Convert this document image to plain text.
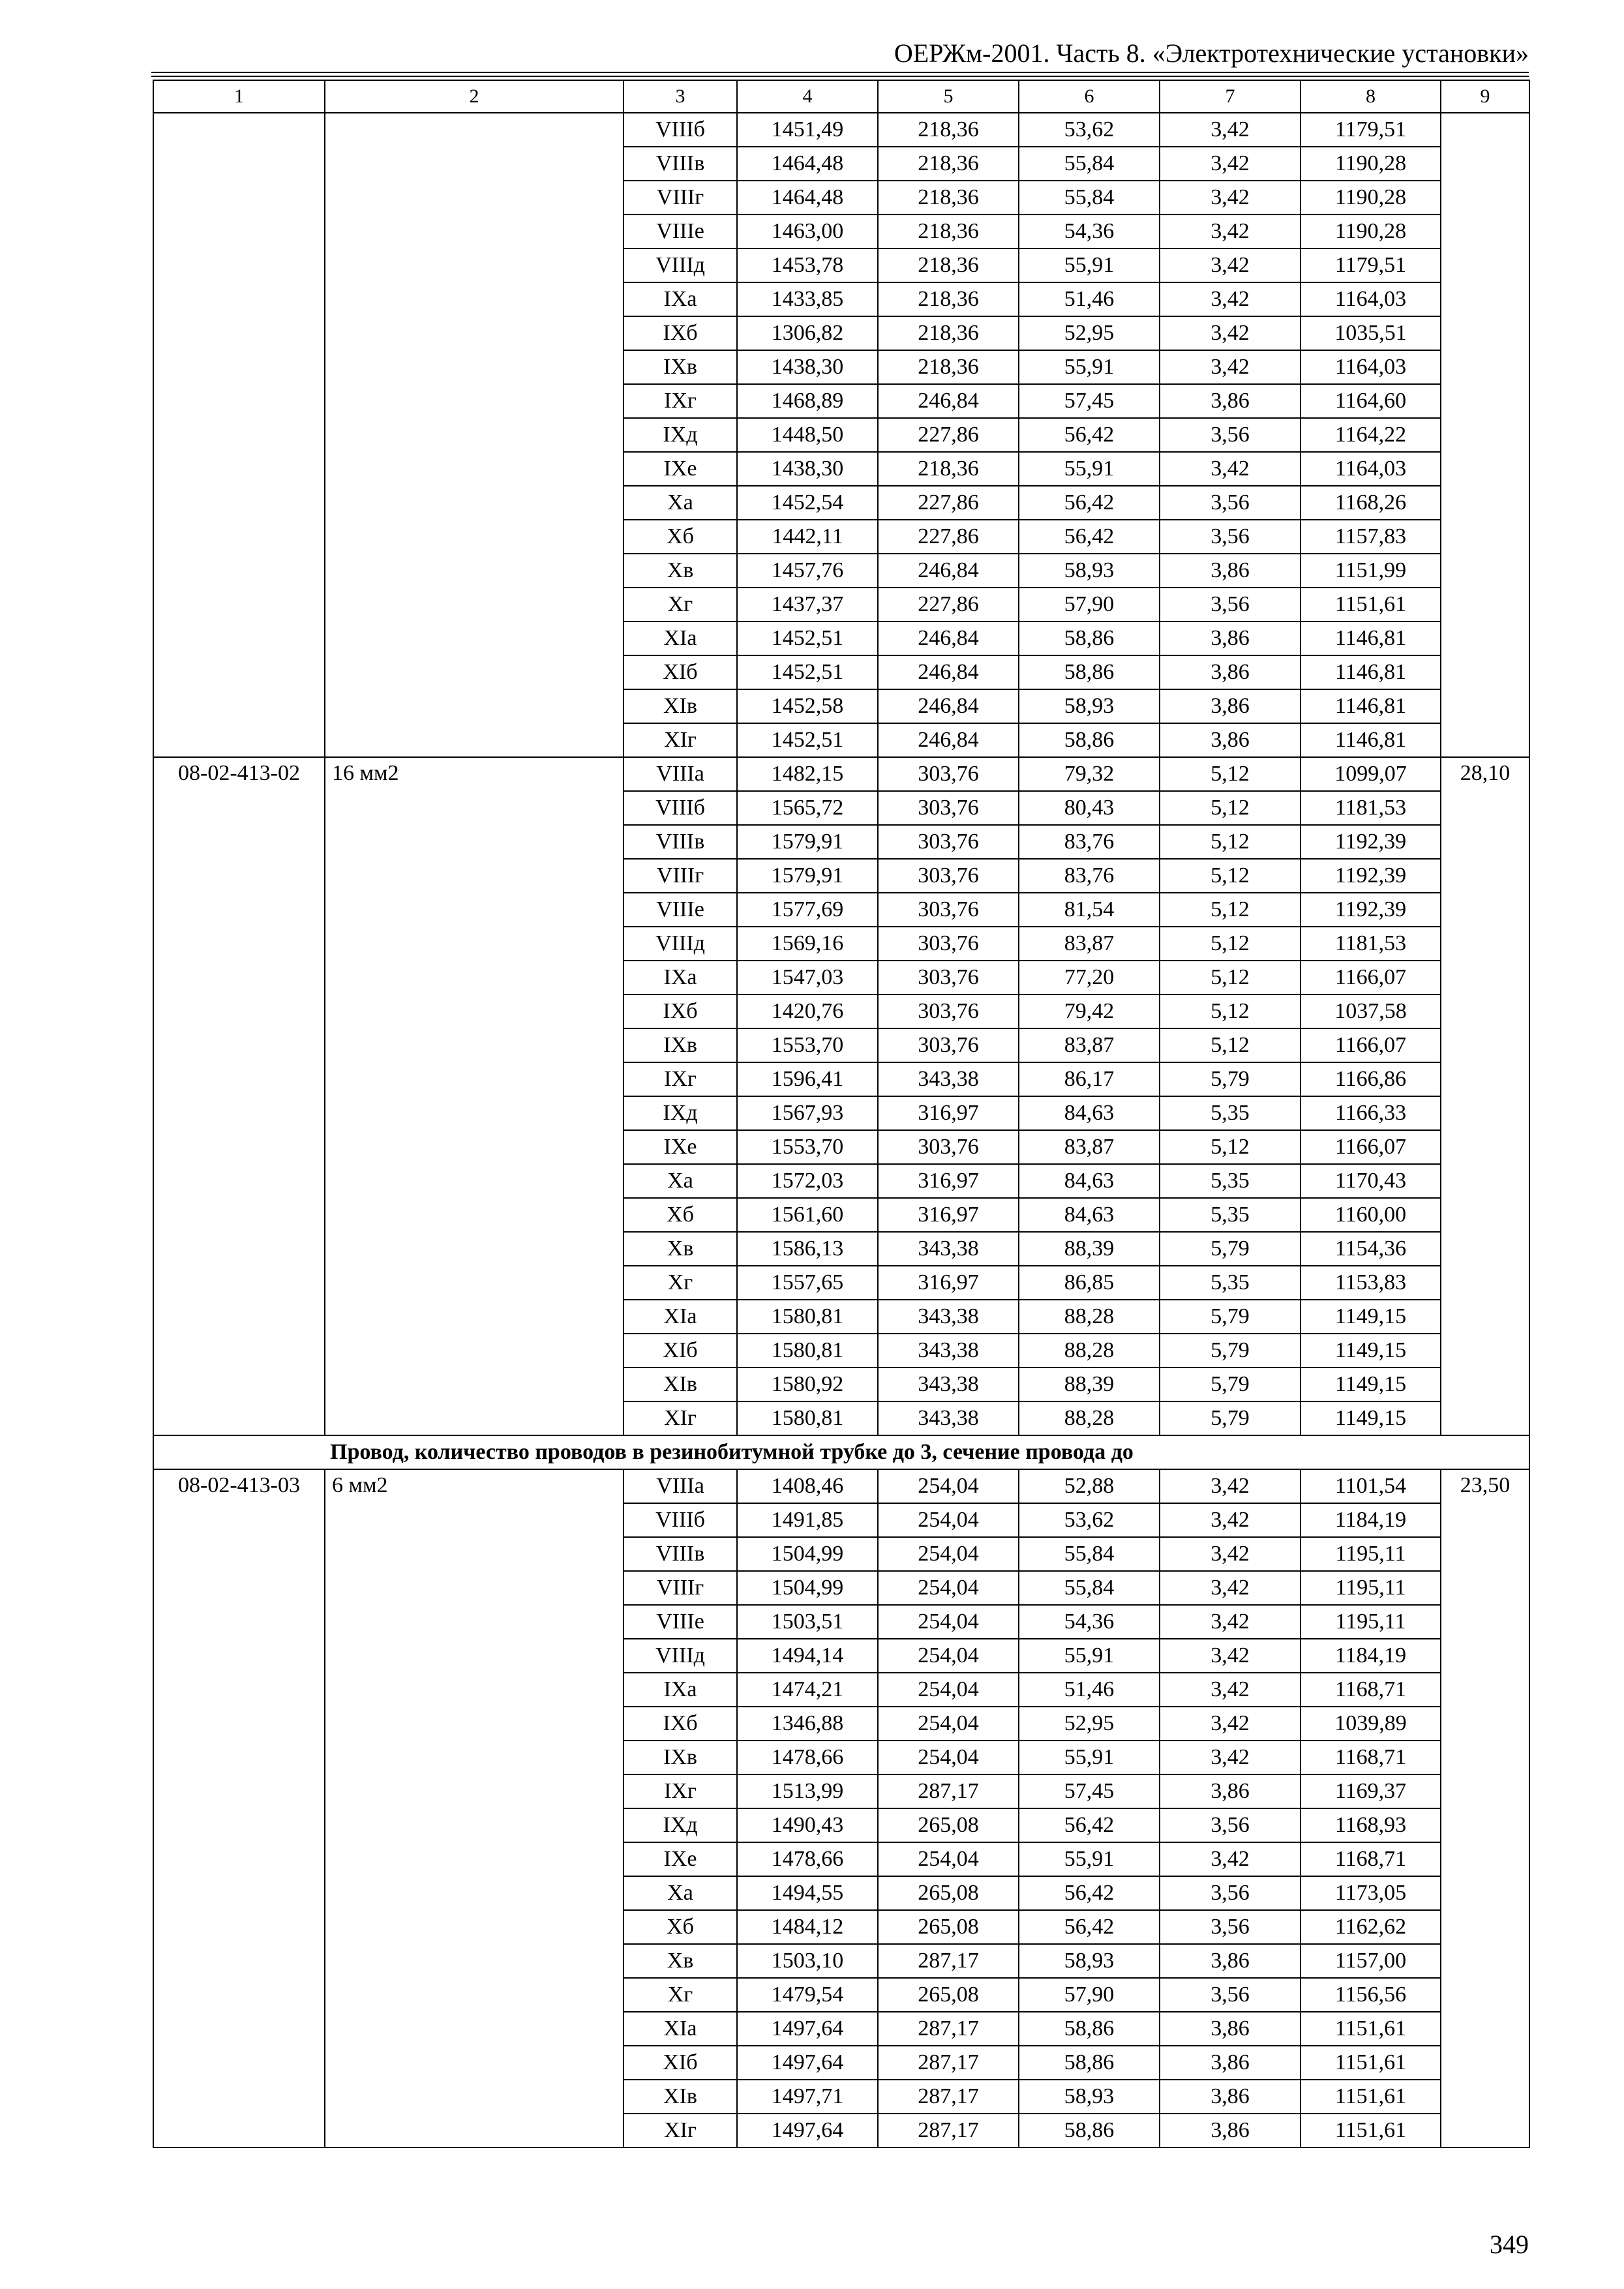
ОЕРЖм-2001. Часть 8. «Электротехнические установки»
1	2	3	4	5	6	7	8	9
		VIIIб	1451,49	218,36	53,62	3,42	1179,51	
		VIIIв	1464,48	218,36	55,84	3,42	1190,28	
		VIIIг	1464,48	218,36	55,84	3,42	1190,28	
		VIIIе	1463,00	218,36	54,36	3,42	1190,28	
		VIIIд	1453,78	218,36	55,91	3,42	1179,51	
		IXа	1433,85	218,36	51,46	3,42	1164,03	
		IXб	1306,82	218,36	52,95	3,42	1035,51	
		IXв	1438,30	218,36	55,91	3,42	1164,03	
		IXг	1468,89	246,84	57,45	3,86	1164,60	
		IXд	1448,50	227,86	56,42	3,56	1164,22	
		IXе	1438,30	218,36	55,91	3,42	1164,03	
		Xа	1452,54	227,86	56,42	3,56	1168,26	
		Xб	1442,11	227,86	56,42	3,56	1157,83	
		Xв	1457,76	246,84	58,93	3,86	1151,99	
		Xг	1437,37	227,86	57,90	3,56	1151,61	
		XIа	1452,51	246,84	58,86	3,86	1146,81	
		XIб	1452,51	246,84	58,86	3,86	1146,81	
		XIв	1452,58	246,84	58,93	3,86	1146,81	
		XIг	1452,51	246,84	58,86	3,86	1146,81	
08-02-413-02	16 мм2	VIIIа	1482,15	303,76	79,32	5,12	1099,07	28,10
		VIIIб	1565,72	303,76	80,43	5,12	1181,53	
		VIIIв	1579,91	303,76	83,76	5,12	1192,39	
		VIIIг	1579,91	303,76	83,76	5,12	1192,39	
		VIIIе	1577,69	303,76	81,54	5,12	1192,39	
		VIIIд	1569,16	303,76	83,87	5,12	1181,53	
		IXа	1547,03	303,76	77,20	5,12	1166,07	
		IXб	1420,76	303,76	79,42	5,12	1037,58	
		IXв	1553,70	303,76	83,87	5,12	1166,07	
		IXг	1596,41	343,38	86,17	5,79	1166,86	
		IXд	1567,93	316,97	84,63	5,35	1166,33	
		IXе	1553,70	303,76	83,87	5,12	1166,07	
		Xа	1572,03	316,97	84,63	5,35	1170,43	
		Xб	1561,60	316,97	84,63	5,35	1160,00	
		Xв	1586,13	343,38	88,39	5,79	1154,36	
		Xг	1557,65	316,97	86,85	5,35	1153,83	
		XIа	1580,81	343,38	88,28	5,79	1149,15	
		XIб	1580,81	343,38	88,28	5,79	1149,15	
		XIв	1580,92	343,38	88,39	5,79	1149,15	
		XIг	1580,81	343,38	88,28	5,79	1149,15	
Провод, количество проводов в резинобитумной трубке до 3, сечение провода до								
08-02-413-03	6 мм2	VIIIа	1408,46	254,04	52,88	3,42	1101,54	23,50
		VIIIб	1491,85	254,04	53,62	3,42	1184,19	
		VIIIв	1504,99	254,04	55,84	3,42	1195,11	
		VIIIг	1504,99	254,04	55,84	3,42	1195,11	
		VIIIе	1503,51	254,04	54,36	3,42	1195,11	
		VIIIд	1494,14	254,04	55,91	3,42	1184,19	
		IXа	1474,21	254,04	51,46	3,42	1168,71	
		IXб	1346,88	254,04	52,95	3,42	1039,89	
		IXв	1478,66	254,04	55,91	3,42	1168,71	
		IXг	1513,99	287,17	57,45	3,86	1169,37	
		IXд	1490,43	265,08	56,42	3,56	1168,93	
		IXе	1478,66	254,04	55,91	3,42	1168,71	
		Xа	1494,55	265,08	56,42	3,56	1173,05	
		Xб	1484,12	265,08	56,42	3,56	1162,62	
		Xв	1503,10	287,17	58,93	3,86	1157,00	
		Xг	1479,54	265,08	57,90	3,56	1156,56	
		XIа	1497,64	287,17	58,86	3,86	1151,61	
		XIб	1497,64	287,17	58,86	3,86	1151,61	
		XIв	1497,71	287,17	58,93	3,86	1151,61	
		XIг	1497,64	287,17	58,86	3,86	1151,61	
349
